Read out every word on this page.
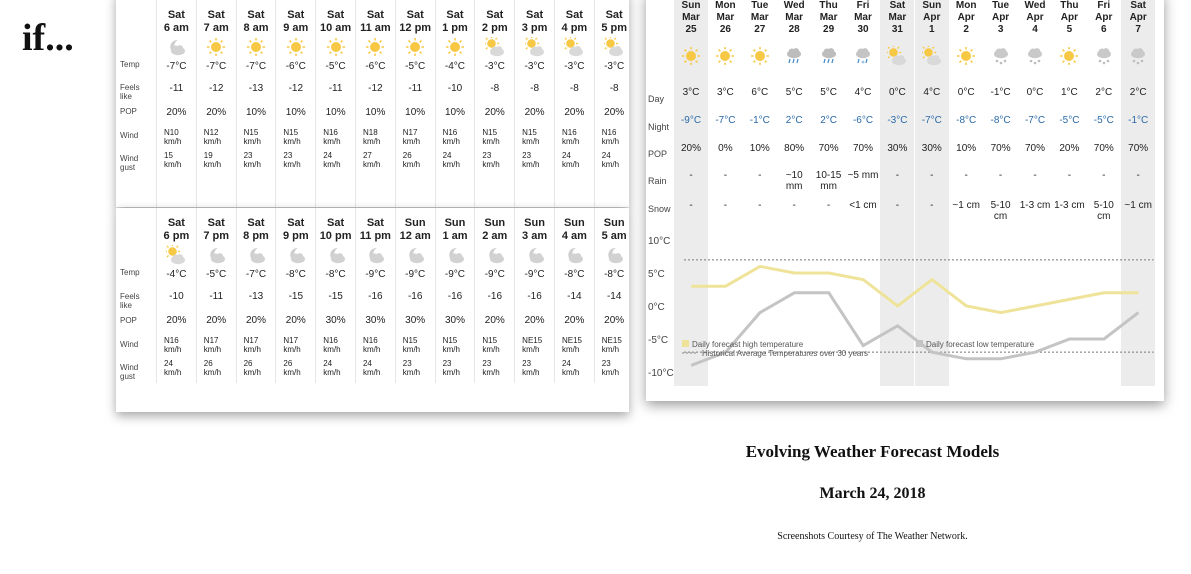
if...
Temp
Feels
like
POP
Wind
Wind
gust
Sat
6 am
-7°C
-11
20%
N10
km/h
15
km/h
Sat
7 am
-7°C
-12
20%
N12
km/h
19
km/h
Sat
8 am
-7°C
-13
10%
N15
km/h
23
km/h
Sat
9 am
-6°C
-12
10%
N15
km/h
23
km/h
Sat
10 am
-5°C
-11
10%
N16
km/h
24
km/h
Sat
11 am
-6°C
-12
10%
N18
km/h
27
km/h
Sat
12 pm
-5°C
-11
10%
N17
km/h
26
km/h
Sat
1 pm
-4°C
-10
10%
N16
km/h
24
km/h
Sat
2 pm
-3°C
-8
20%
N15
km/h
23
km/h
Sat
3 pm
-3°C
-8
20%
N15
km/h
23
km/h
Sat
4 pm
-3°C
-8
20%
N16
km/h
24
km/h
Sat
5 pm
-3°C
-8
20%
N16
km/h
24
km/h
Temp
Feels
like
POP
Wind
Wind
gust
Sat
6 pm
-4°C
-10
20%
N16
km/h
24
km/h
Sat
7 pm
-5°C
-11
20%
N17
km/h
26
km/h
Sat
8 pm
-7°C
-13
20%
N17
km/h
26
km/h
Sat
9 pm
-8°C
-15
20%
N17
km/h
26
km/h
Sat
10 pm
-8°C
-15
30%
N16
km/h
24
km/h
Sat
11 pm
-9°C
-16
30%
N16
km/h
24
km/h
Sun
12 am
-9°C
-16
30%
N15
km/h
23
km/h
Sun
1 am
-9°C
-16
30%
N15
km/h
23
km/h
Sun
2 am
-9°C
-16
20%
N15
km/h
23
km/h
Sun
3 am
-9°C
-16
20%
NE15
km/h
23
km/h
Sun
4 am
-8°C
-14
20%
NE15
km/h
24
km/h
Sun
5 am
-8°C
-14
20%
NE15
km/h
23
km/h
Sun
Mar
25
3°C
-9°C
20%
-
-
Mon
Mar
26
3°C
-7°C
0%
-
-
Tue
Mar
27
6°C
-1°C
10%
-
-
Wed
Mar
28
5°C
2°C
80%
~10 mm
-
Thu
Mar
29
5°C
2°C
70%
10-15 mm
-
Fri
Mar
30
4°C
-6°C
70%
~5 mm
<1 cm
Sat
Mar
31
0°C
-3°C
30%
-
-
Sun
Apr
1
4°C
-7°C
30%
-
-
Mon
Apr
2
0°C
-8°C
10%
-
~1 cm
Tue
Apr
3
-1°C
-8°C
70%
-
5-10 cm
Wed
Apr
4
0°C
-7°C
70%
-
1-3 cm
Thu
Apr
5
1°C
-5°C
20%
-
1-3 cm
Fri
Apr
6
2°C
-5°C
70%
-
5-10 cm
Sat
Apr
7
2°C
-1°C
70%
-
~1 cm
Day
Night
POP
Rain
Snow
10°C
5°C
0°C
-5°C
-10°C
Daily forecast high temperature	Daily forecast low temperature
Historical Average Temperatures over 30 years
Evolving Weather Forecast Models
March 24, 2018
Screenshots Courtesy of The Weather Network.
